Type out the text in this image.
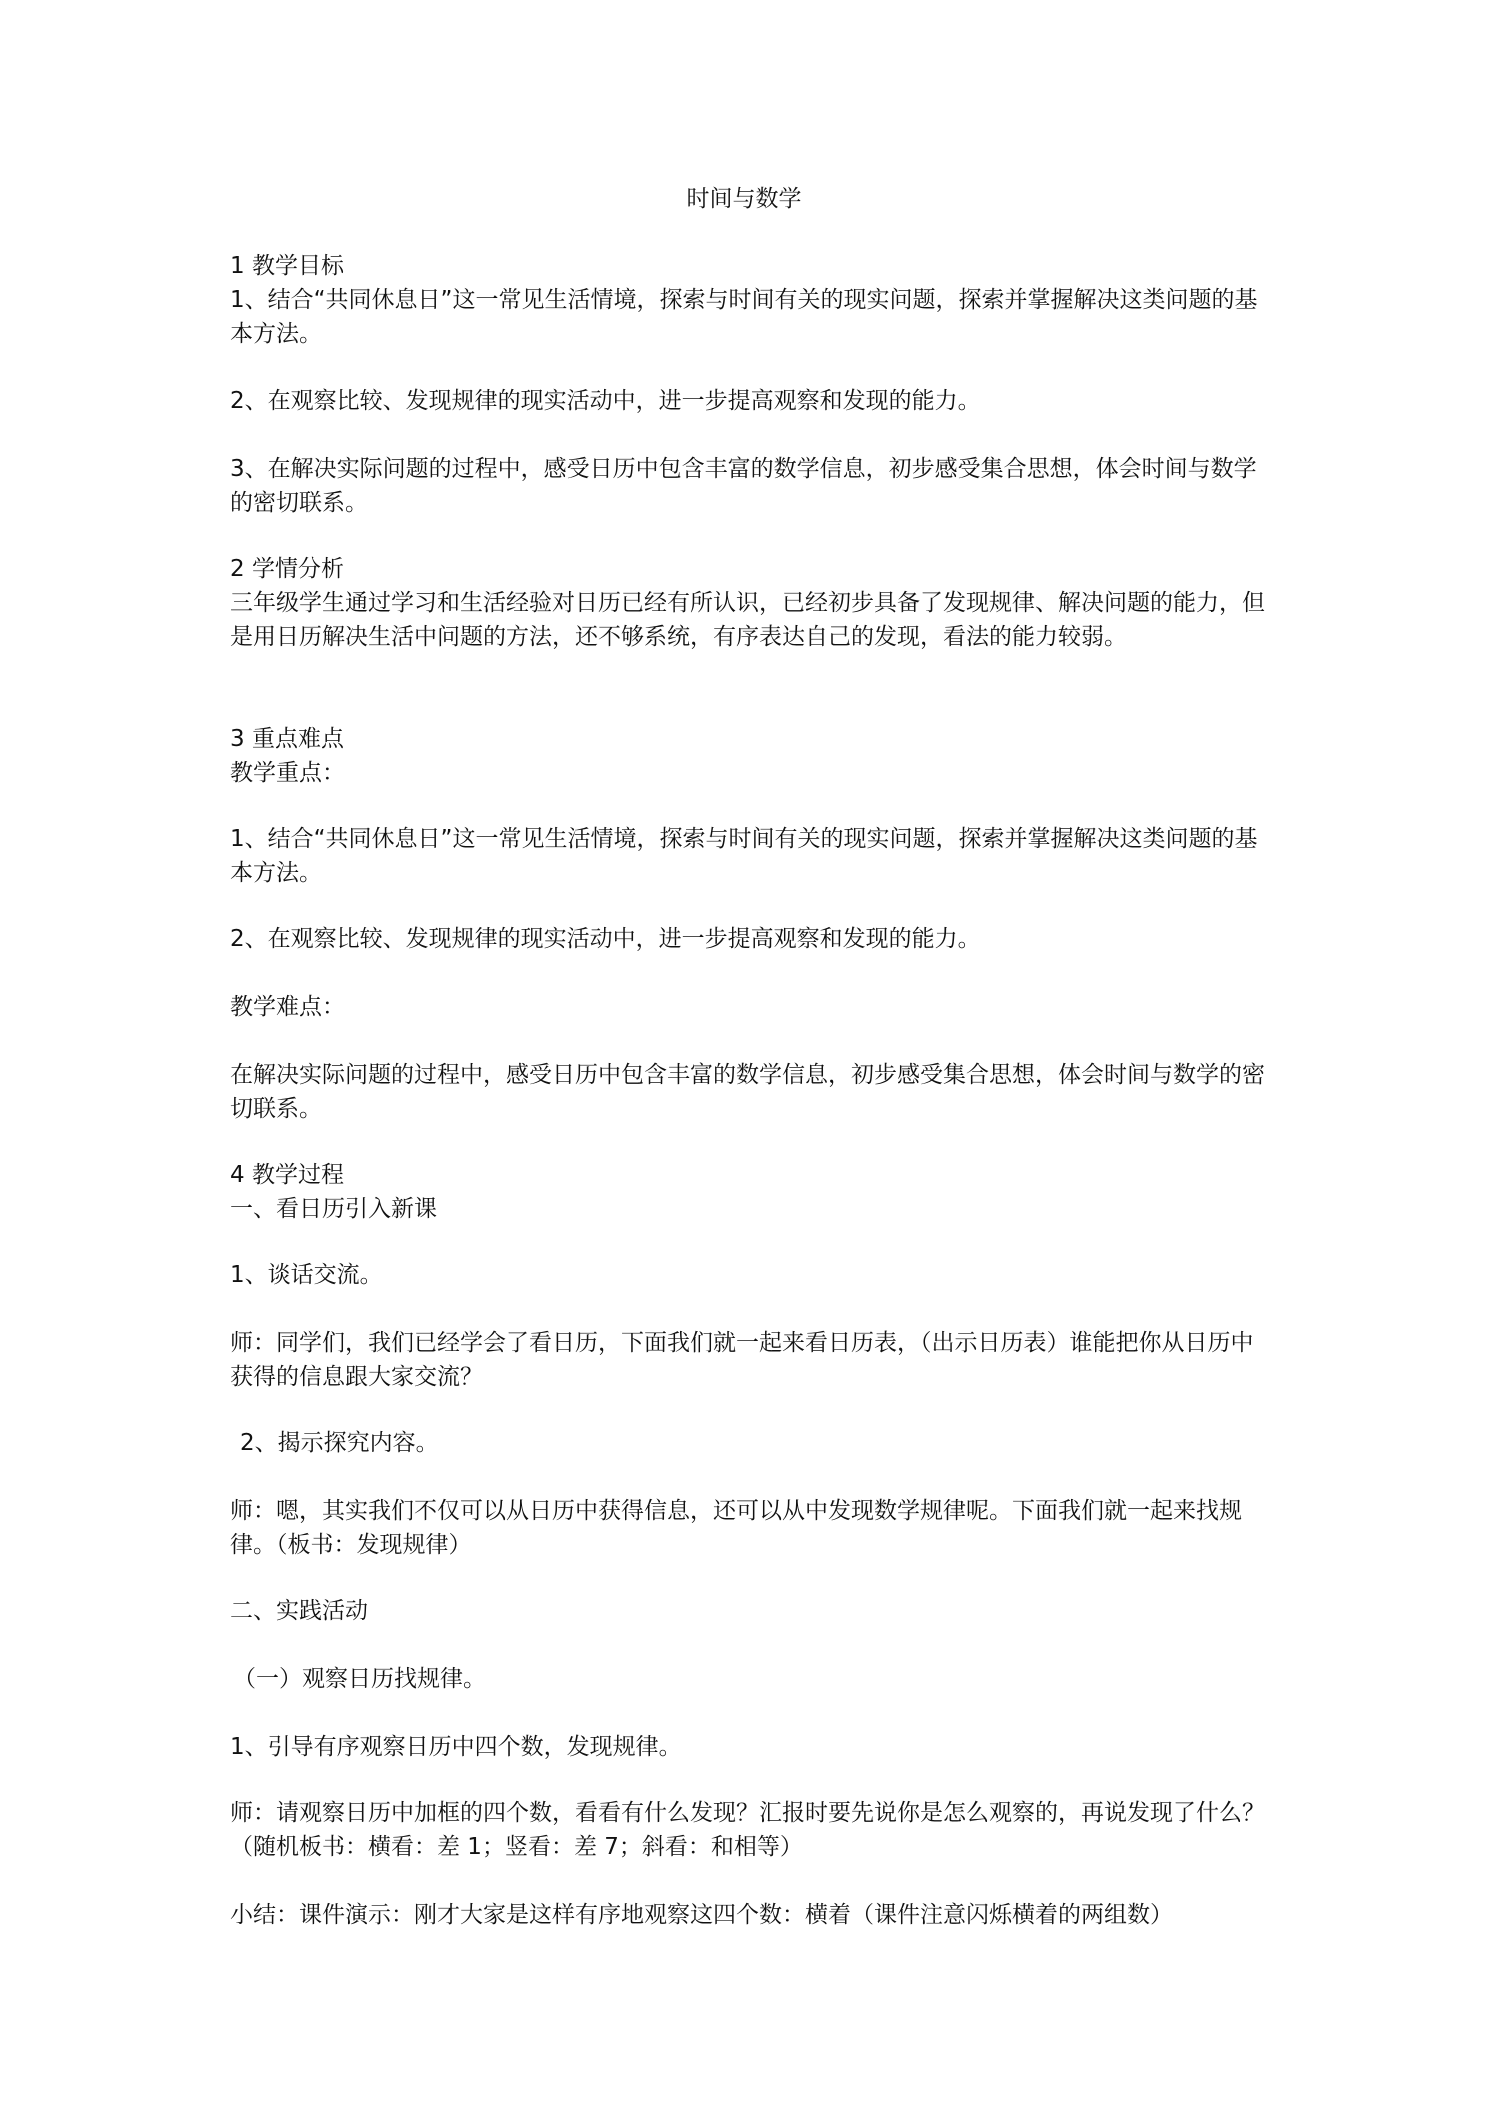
时间与数学

1 教学目标

1、结合“共同休息日”这一常见生活情境，探索与时间有关的现实问题，探索并掌握解决这类问题的基本方法。

2、在观察比较、发现规律的现实活动中，进一步提高观察和发现的能力。

3、在解决实际问题的过程中，感受日历中包含丰富的数学信息，初步感受集合思想，体会时间与数学的密切联系。

2 学情分析

三年级学生通过学习和生活经验对日历已经有所认识，已经初步具备了发现规律、解决问题的能力，但是用日历解决生活中问题的方法，还不够系统，有序表达自己的发现，看法的能力较弱。

3 重点难点

教学重点：

1、结合“共同休息日”这一常见生活情境，探索与时间有关的现实问题，探索并掌握解决这类问题的基本方法。

2、在观察比较、发现规律的现实活动中，进一步提高观察和发现的能力。

教学难点：

在解决实际问题的过程中，感受日历中包含丰富的数学信息，初步感受集合思想，体会时间与数学的密切联系。

4 教学过程

一、看日历引入新课

1、谈话交流。

师：同学们，我们已经学会了看日历，下面我们就一起来看日历表，（出示日历表）谁能把你从日历中获得的信息跟大家交流？

2、揭示探究内容。

师：嗯，其实我们不仅可以从日历中获得信息，还可以从中发现数学规律呢。下面我们就一起来找规律。（板书：发现规律）

二、实践活动

（一）观察日历找规律。

1、引导有序观察日历中四个数，发现规律。

师：请观察日历中加框的四个数，看看有什么发现？汇报时要先说你是怎么观察的，再说发现了什么？（随机板书：横看：差 1；竖看：差 7；斜看：和相等）

小结：课件演示：刚才大家是这样有序地观察这四个数：横着（课件注意闪烁横着的两组数）
